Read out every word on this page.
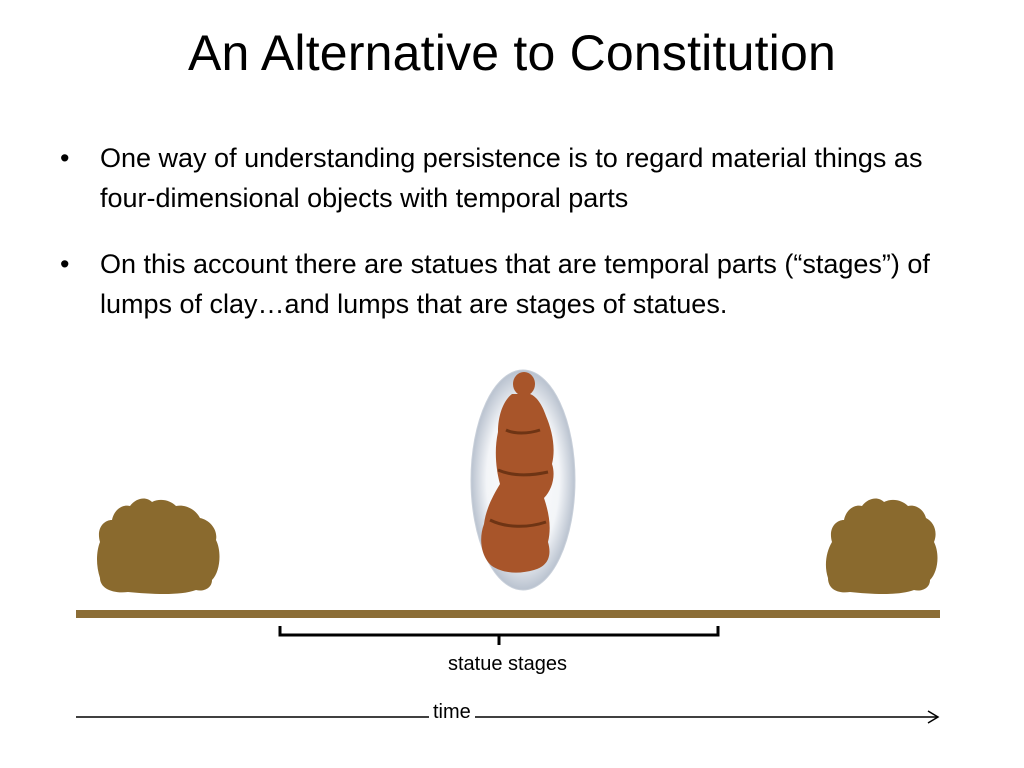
An Alternative to Constitution
• One way of understanding persistence is to regard material things as four-dimensional objects with temporal parts
• On this account there are statues that are temporal parts (“stages”) of lumps of clay…and lumps that are stages of statues.
statue stages
time
